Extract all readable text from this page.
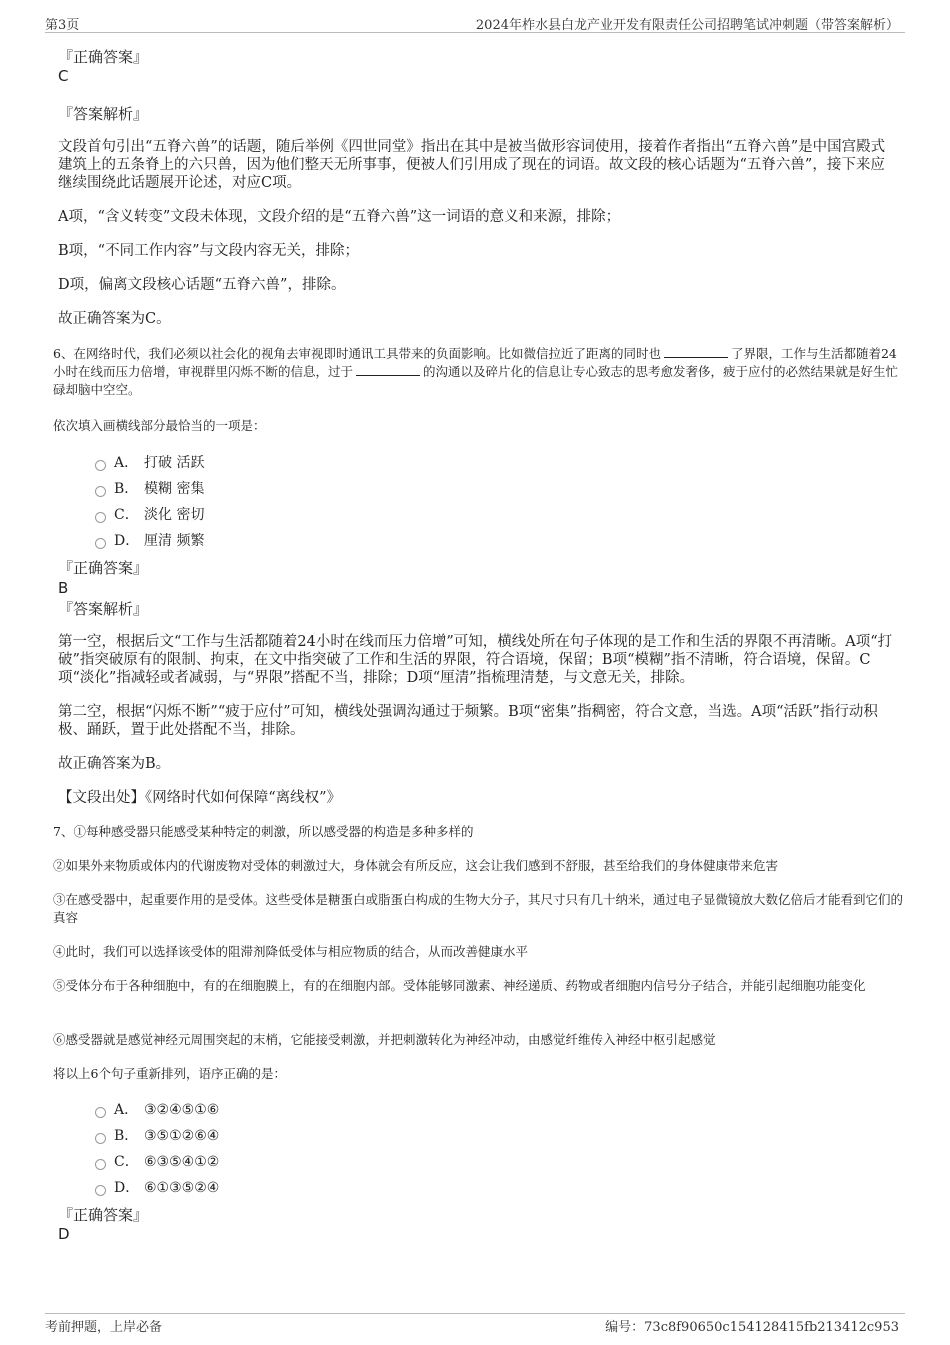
第3页	2024年柞水县白龙产业开发有限责任公司招聘笔试冲刺题（带答案解析）
『正确答案』
C
『答案解析』
文段首句引出“五脊六兽”的话题，随后举例《四世同堂》指出在其中是被当做形容词使用，接着作者指出“五脊六兽”是中国宫殿式建筑上的五条脊上的六只兽，因为他们整天无所事事，便被人们引用成了现在的词语。故文段的核心话题为“五脊六兽”，接下来应继续围绕此话题展开论述，对应C项。
A项，“含义转变”文段未体现，文段介绍的是“五脊六兽”这一词语的意义和来源，排除；
B项，“不同工作内容”与文段内容无关，排除；
D项，偏离文段核心话题“五脊六兽”，排除。
故正确答案为C。
6、在网络时代，我们必须以社会化的视角去审视即时通讯工具带来的负面影响。比如微信拉近了距离的同时也	了界限，工作与生活都随着24小时在线而压力倍增，审视群里闪烁不断的信息，过于	的沟通以及碎片化的信息让专心致志的思考愈发奢侈，疲于应付的必然结果就是好生忙碌却脑中空空。
依次填入画横线部分最恰当的一项是：
A． 打破 活跃
B． 模糊 密集
C． 淡化 密切
D． 厘清 频繁
『正确答案』
B
『答案解析』
第一空，根据后文“工作与生活都随着24小时在线而压力倍增”可知，横线处所在句子体现的是工作和生活的界限不再清晰。A项“打破”指突破原有的限制、拘束，在文中指突破了工作和生活的界限，符合语境，保留；B项“模糊”指不清晰，符合语境，保留。C项“淡化”指减轻或者减弱，与“界限”搭配不当，排除；D项“厘清”指梳理清楚，与文意无关，排除。
第二空，根据“闪烁不断”“疲于应付”可知，横线处强调沟通过于频繁。B项“密集”指稠密，符合文意，当选。A项“活跃”指行动积极、踊跃，置于此处搭配不当，排除。
故正确答案为B。
【文段出处】《网络时代如何保障“离线权”》
7、①每种感受器只能感受某种特定的刺激，所以感受器的构造是多种多样的
②如果外来物质或体内的代谢废物对受体的刺激过大，身体就会有所反应，这会让我们感到不舒服，甚至给我们的身体健康带来危害
③在感受器中，起重要作用的是受体。这些受体是糖蛋白或脂蛋白构成的生物大分子，其尺寸只有几十纳米，通过电子显微镜放大数亿倍后才能看到它们的真容
④此时，我们可以选择该受体的阻滞剂降低受体与相应物质的结合，从而改善健康水平
⑤受体分布于各种细胞中，有的在细胞膜上，有的在细胞内部。受体能够同激素、神经递质、药物或者细胞内信号分子结合，并能引起细胞功能变化
⑥感受器就是感觉神经元周围突起的末梢，它能接受刺激，并把刺激转化为神经冲动，由感觉纤维传入神经中枢引起感觉
将以上6个句子重新排列，语序正确的是：
A． ③②④⑤①⑥
B． ③⑤①②⑥④
C． ⑥③⑤④①②
D． ⑥①③⑤②④
『正确答案』
D
考前押题，上岸必备	编号：73c8f90650c154128415fb213412c953
